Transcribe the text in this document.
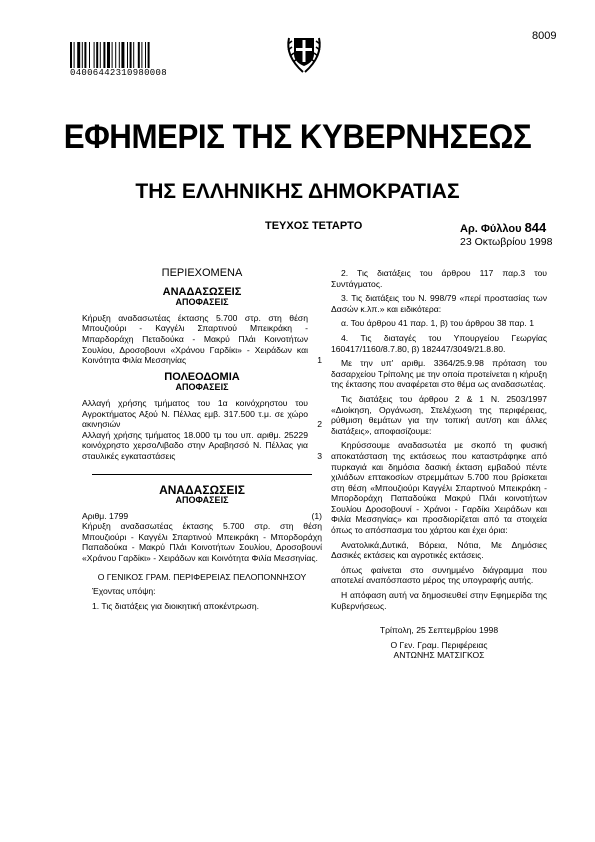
04006442310980008
8009
ΕΦΗΜΕΡΙΣ ΤΗΣ ΚΥΒΕΡΝΗΣΕΩΣ
ΤΗΣ ΕΛΛΗΝΙΚΗΣ ΔΗΜΟΚΡΑΤΙΑΣ
ΤΕΥΧΟΣ ΤΕΤΑΡΤΟ	Αρ. Φύλλου 844
23 Οκτωβρίου 1998
ΠΕΡΙΕΧΟΜΕΝΑ
ΑΝΑΔΑΣΩΣΕΙΣ
ΑΠΟΦΑΣΕΙΣ
Κήρυξη αναδασωτέας έκτασης 5.700 στρ. στη θέση Μπουζιούρι - Καγγέλι Σπαρτινού Μπεικράκη - Μπαρδοράχη Πεταδούκα - Μακρύ Πλάι Κοινοτήτων Σουλίου, Δροσοβουνι «Χράνου Γαρδίκι» - Χειράδων και Κοινότητα Φιλία Μεσσηνίας	1
ΠΟΛΕΟΔΟΜΙΑ
ΑΠΟΦΑΣΕΙΣ
Αλλαγή χρήσης τμήματος του 1α κοινόχρηστου του Αγροκτήματος Αξού Ν. Πέλλας εμβ. 317.500 τ.μ. σε χώρο ακινησιών	2
Αλλαγή χρήσης τμήματος 18.000 τμ του υπ. αριθμ. 25229 κοινόχρηστο χερσοΛιβαδο στην Αραβησσό Ν. Πέλλας για σταυλικές εγκαταστάσεις	3
ΑΝΑΔΑΣΩΣΕΙΣ
ΑΠΟΦΑΣΕΙΣ
Αριθμ. 1799	(1)
Κήρυξη αναδασωτέας έκτασης 5.700 στρ. στη θέση Μπουζιούρι - Καγγέλι Σπαρτινού Μπεικράκη - Μπορδοράχη Παπαδούκα - Μακρύ Πλάι Κοινοτήτων Σουλίου, Δροσοβουνί «Χράνου Γαρδίκι» - Χειράδων και Κοινότητα Φιλία Μεσσηνίας.
Ο ΓΕΝΙΚΟΣ ΓΡΑΜ. ΠΕΡΙΦΕΡΕΙΑΣ ΠΕΛΟΠΟΝΝΗΣΟΥ
Έχοντας υπόψη:
1. Τις διατάξεις για διοικητική αποκέντρωση.
2. Τις διατάξεις του άρθρου 117 παρ.3 του Συντάγματος.
3. Τις διατάξεις του Ν. 998/79 «περί προστασίας των Δασών κ.λπ.» και ειδικότερα:
α. Του άρθρου 41 παρ. 1, β) του άρθρου 38 παρ. 1
4. Τις διαταγές του Υπουργείου Γεωργίας 160417/1160/8.7.80, β) 182447/3049/21.8.80.
Με την υπ' αριθμ. 3364/25.9.98 πρόταση του δασαρχείου Τρίπολης με την οποία προτείνεται η κήρυξη της έκτασης που αναφέρεται στο θέμα ως αναδασωτέας.
Τις διατάξεις του άρθρου 2 & 1 Ν. 2503/1997 «Διοίκηση, Οργάνωση, Στελέχωση της περιφέρειας, ρύθμιση θεμάτων για την τοπική αυτ/ση και άλλες διατάξεις», αποφασίζουμε:
Κηρύσσουμε αναδασωτέα με σκοπό τη φυσική αποκατάσταση της εκτάσεως που καταστράφηκε από πυρκαγιά και δημόσια δασική έκταση εμβαδού πέντε χιλιάδων επτακοσίων στρεμμάτων 5.700 που βρίσκεται στη θέση «Μπουζιούρι Καγγέλι Σπαρτινού Μπεικράκη - Μπορδοράχη Παπαδούκα Μακρύ Πλάι κοινοτήτων Σουλίου Δροσοβουνί - Χράνοι - Γαρδίκι Χειράδων και Φιλία Μεσσηνίας» και προσδιορίζεται από τα στοιχεία όπως το απόσπασμα του χάρτου και έχει όρια:
Ανατολικά,Δυτικά, Βόρεια, Νότια, Με Δημόσιες Δασικές εκτάσεις και αγροτικές εκτάσεις.
όπως φαίνεται στο συνημμένο διάγραμμα που αποτελεί αναπόσπαστο μέρος της υπογραφής αυτής.
Η απόφαση αυτή να δημοσιευθεί στην Εφημερίδα της Κυβερνήσεως.
Τρίπολη, 25 Σεπτεμβρίου 1998
Ο Γεν. Γραμ. Περιφέρειας
ΑΝΤΩΝΗΣ ΜΑΤΣΙΓΚΟΣ
